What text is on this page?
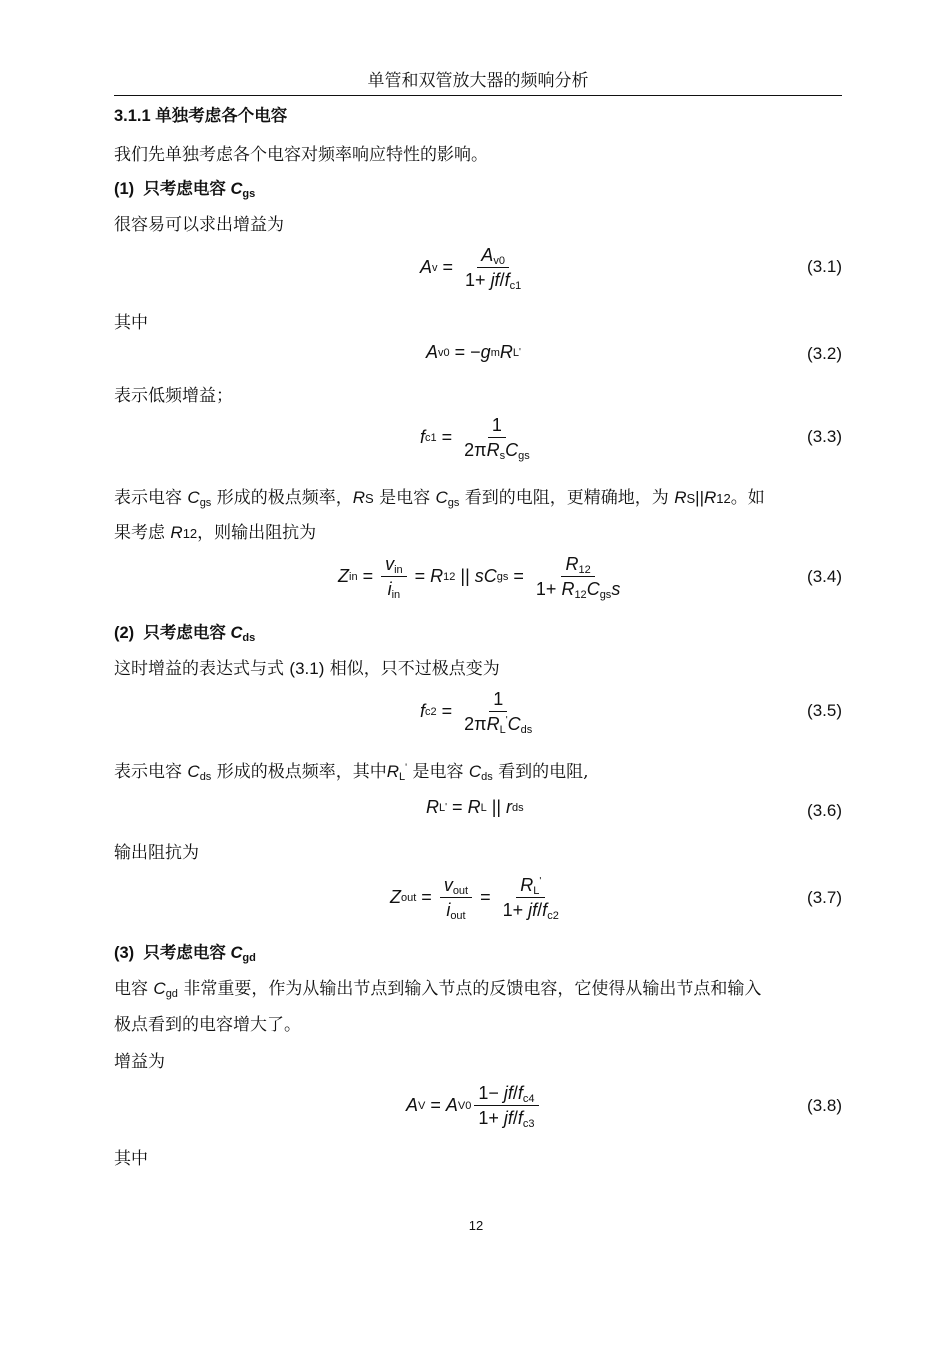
单管和双管放大器的频响分析
3.1.1 单独考虑各个电容
我们先单独考虑各个电容对频率响应特性的影响。
(1) 只考虑电容 $C_{gs}$
很容易可以求出增益为
A $v = \frac{A_{v0}}{1+ jf/f_{c1}}$	(3.1)
其中
A v0 = − g m R L '	(3.2)
表示低频增益；
f $c1 = \frac{1}{2\pi R_sC_{gs}}$	(3.3)
表示电容 $C_{gs}$ 形成的极点频率，RS 是电容 $C_{gs}$ 看到的电阻，更精确地，为 RS||R12。如
果考虑 R12，则输出阻抗为
Z in = $\frac{v_{in}}{i_{in}} = R$ 12 || sC gs = $\frac{R_{12}}{1+ R_{12}C_{gs}s}$	(3.4)
(2) 只考虑电容 $C_{ds}$
这时增益的表达式与式 (3.1) 相似，只不过极点变为
f $c2 = \frac{1}{2\pi R_L'C_{ds}}$	(3.5)
表示电容 $C_{ds}$ 形成的极点频率，其中$R_L'$ 是电容 $C_{ds}$ 看到的电阻,
R L ' = R L || r ds	(3.6)
输出阻抗为
Z out = $\frac{v_{out}}{i_{out}} = \frac{R_L'}{1+ jf/f_{c2}}$	(3.7)
(3) 只考虑电容 $C_{gd}$
电容 $C_{gd}$ 非常重要，作为从输出节点到输入节点的反馈电容，它使得从输出节点和输入
极点看到的电容增大了。
增益为
A V = A $V0 \frac{1- jf/f_{c4}}{1+ jf/f_{c3}}$	(3.8)
其中
12
